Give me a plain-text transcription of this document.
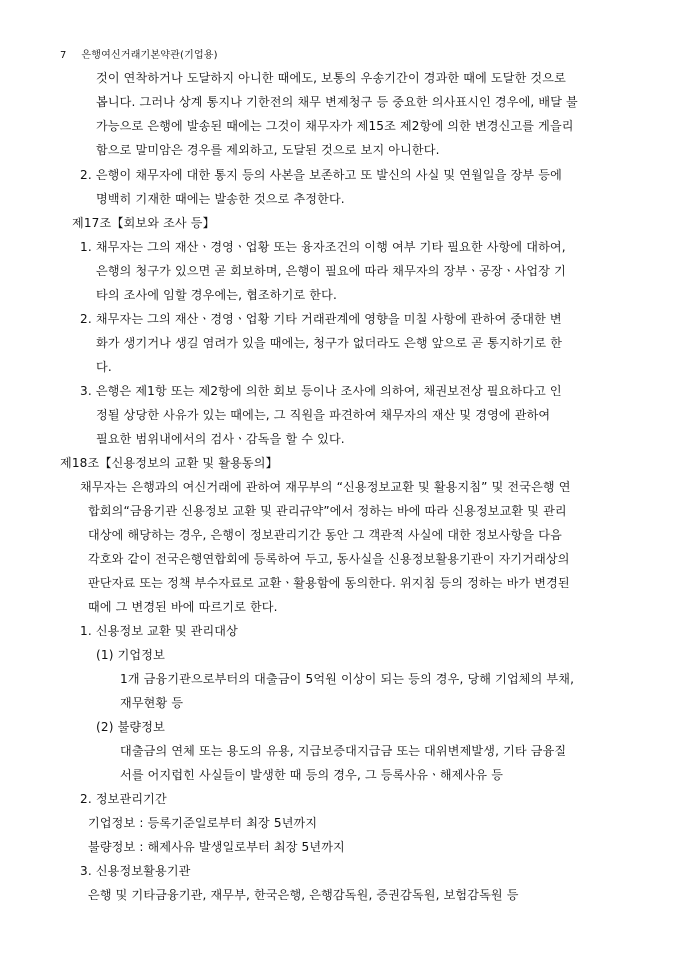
7 은행여신거래기본약관(기업용)
것이 연착하거나 도달하지 아니한 때에도, 보통의 우송기간이 경과한 때에 도달한 것으로
봅니다. 그러나 상계 통지나 기한전의 채무 변제청구 등 중요한 의사표시인 경우에, 배달 불
가능으로 은행에 발송된 때에는 그것이 채무자가 제15조 제2항에 의한 변경신고를 게을리
함으로 말미암은 경우를 제외하고, 도달된 것으로 보지 아니한다.
2. 은행이 채무자에 대한 통지 등의 사본을 보존하고 또 발신의 사실 및 연월일을 장부 등에
명백히 기재한 때에는 발송한 것으로 추정한다.
제17조【회보와 조사 등】
1. 채무자는 그의 재산ㆍ경영ㆍ업황 또는 융자조건의 이행 여부 기타 필요한 사항에 대하여,
은행의 청구가 있으면 곧 회보하며, 은행이 필요에 따라 채무자의 장부ㆍ공장ㆍ사업장 기
타의 조사에 임할 경우에는, 협조하기로 한다.
2. 채무자는 그의 재산ㆍ경영ㆍ업황 기타 거래관계에 영향을 미칠 사항에 관하여 중대한 변
화가 생기거나 생길 염려가 있을 때에는, 청구가 없더라도 은행 앞으로 곧 통지하기로 한
다.
3. 은행은 제1항 또는 제2항에 의한 회보 등이나 조사에 의하여, 채권보전상 필요하다고 인
정될 상당한 사유가 있는 때에는, 그 직원을 파견하여 채무자의 재산 및 경영에 관하여
필요한 범위내에서의 검사ㆍ감독을 할 수 있다.
제18조【신용정보의 교환 및 활용동의】
채무자는 은행과의 여신거래에 관하여 재무부의 “신용정보교환 및 활용지침” 및 전국은행 연
합회의“금융기관 신용정보 교환 및 관리규약”에서 정하는 바에 따라 신용정보교환 및 관리
대상에 해당하는 경우, 은행이 정보관리기간 동안 그 객관적 사실에 대한 정보사항을 다음
각호와 같이 전국은행연합회에 등록하여 두고, 동사실을 신용정보활용기관이 자기거래상의
판단자료 또는 정책 부수자료로 교환ㆍ활용함에 동의한다. 위지침 등의 정하는 바가 변경된
때에 그 변경된 바에 따르기로 한다.
1. 신용정보 교환 및 관리대상
(1) 기업정보
1개 금융기관으로부터의 대출금이 5억원 이상이 되는 등의 경우, 당해 기업체의 부채,
재무현황 등
(2) 불량정보
대출금의 연체 또는 용도의 유용, 지급보증대지급금 또는 대위변제발생, 기타 금융질
서를 어지럽힌 사실들이 발생한 때 등의 경우, 그 등록사유ㆍ해제사유 등
2. 정보관리기간
기업정보 : 등록기준일로부터 최장 5년까지
불량정보 : 해제사유 발생일로부터 최장 5년까지
3. 신용정보활용기관
은행 및 기타금융기관, 재무부, 한국은행, 은행감독원, 증권감독원, 보험감독원 등
